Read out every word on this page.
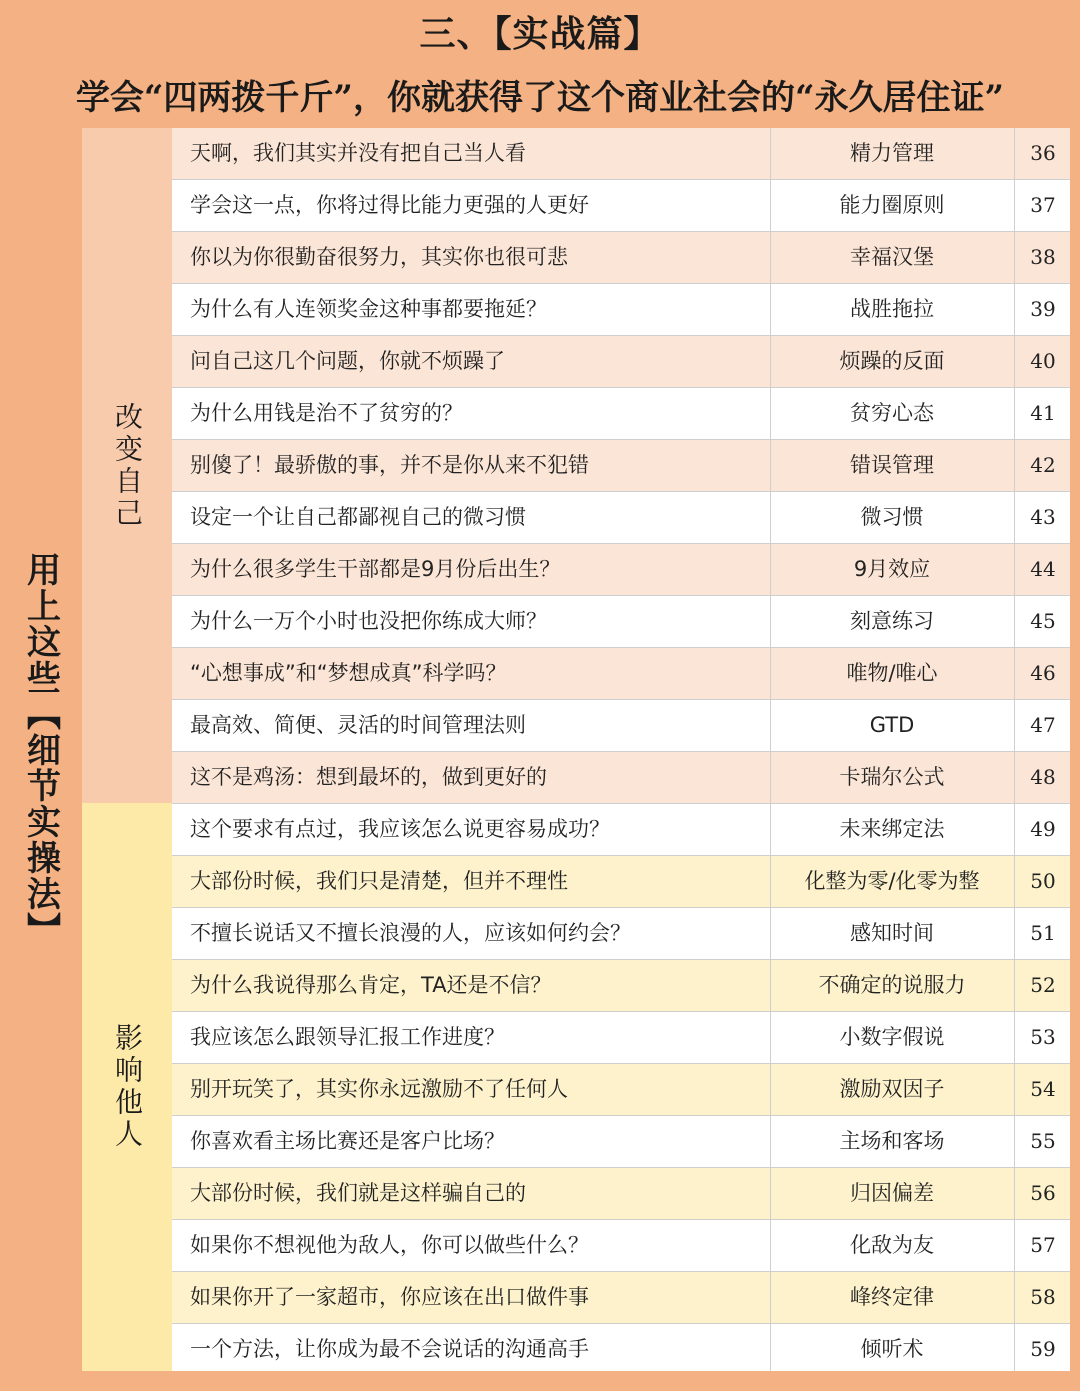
三、【实战篇】
学会“四两拨千斤”，你就获得了这个商业社会的“永久居住证”
用上这些【细节实操法】
改变自己
影响他人
天啊，我们其实并没有把自己当人看	精力管理	36
学会这一点，你将过得比能力更强的人更好	能力圈原则	37
你以为你很勤奋很努力，其实你也很可悲	幸福汉堡	38
为什么有人连领奖金这种事都要拖延？	战胜拖拉	39
问自己这几个问题，你就不烦躁了	烦躁的反面	40
为什么用钱是治不了贫穷的？	贫穷心态	41
别傻了！最骄傲的事，并不是你从来不犯错	错误管理	42
设定一个让自己都鄙视自己的微习惯	微习惯	43
为什么很多学生干部都是9月份后出生？	9月效应	44
为什么一万个小时也没把你练成大师？	刻意练习	45
“心想事成”和“梦想成真”科学吗？	唯物/唯心	46
最高效、简便、灵活的时间管理法则	GTD	47
这不是鸡汤：想到最坏的，做到更好的	卡瑞尔公式	48
这个要求有点过，我应该怎么说更容易成功？	未来绑定法	49
大部份时候，我们只是清楚，但并不理性	化整为零/化零为整	50
不擅长说话又不擅长浪漫的人，应该如何约会？	感知时间	51
为什么我说得那么肯定，TA还是不信？	不确定的说服力	52
我应该怎么跟领导汇报工作进度？	小数字假说	53
别开玩笑了，其实你永远激励不了任何人	激励双因子	54
你喜欢看主场比赛还是客户比场？	主场和客场	55
大部份时候，我们就是这样骗自己的	归因偏差	56
如果你不想视他为敌人，你可以做些什么？	化敌为友	57
如果你开了一家超市，你应该在出口做件事	峰终定律	58
一个方法，让你成为最不会说话的沟通高手	倾听术	59
